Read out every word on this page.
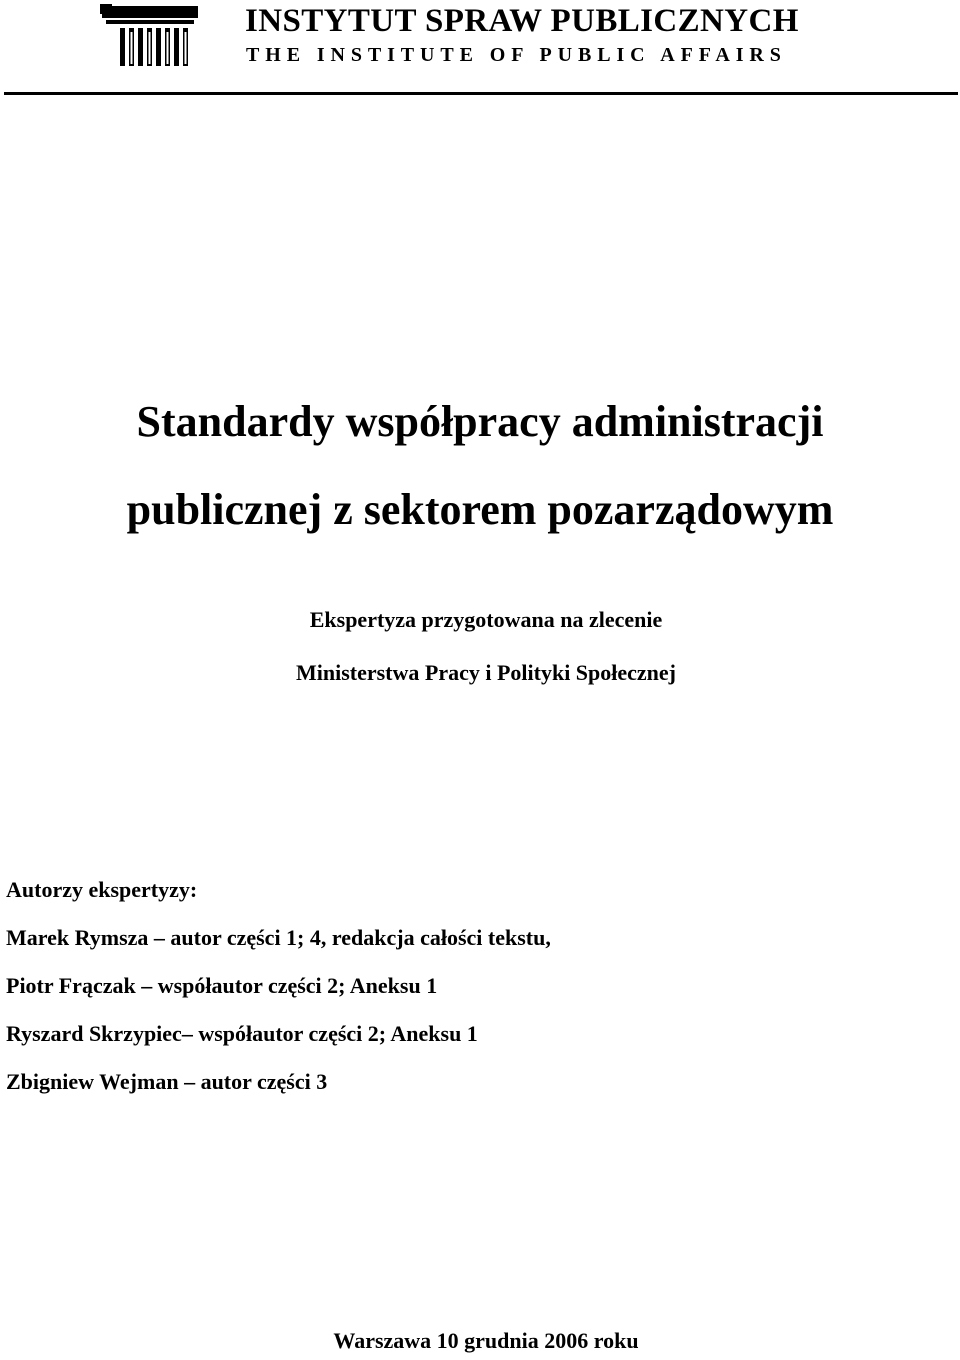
INSTYTUT SPRAW PUBLICZNYCH
THE INSTITUTE OF PUBLIC AFFAIRS
Standardy współpracy administracji
publicznej z sektorem pozarządowym
Ekspertyza przygotowana na zlecenie
Ministerstwa Pracy i Polityki Społecznej
Autorzy ekspertyzy:
Marek Rymsza – autor części 1; 4, redakcja całości tekstu,
Piotr Frączak – współautor części 2; Aneksu 1
Ryszard Skrzypiec– współautor części 2; Aneksu 1
Zbigniew Wejman – autor części 3
Warszawa 10 grudnia 2006 roku
